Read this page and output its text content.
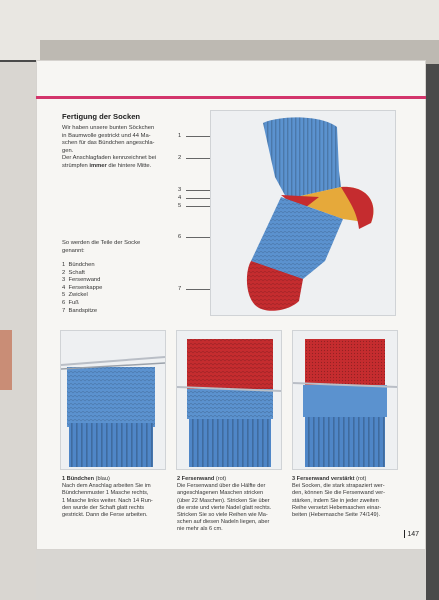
Fertigung der Socken
Wir haben unsere bunten Söckchen
in Baumwolle gestrickt und 44 Ma-
schen für das Bündchen angeschla-
gen.
Der Anschlagfaden kennzeichnet bei
strümpfen immer die hintere Mitte.
So werden die Teile der Socke
genannt:
1 Bündchen
2 Schaft
3 Fersenwand
4 Fersenkappe
5 Zwickel
6 Fuß
7 Bandspitze
1
2
3
4
5
6
7
1 Bündchen (blau)
Nach dem Anschlag arbeiten Sie im
Bündchenmuster 1 Masche rechts,
1 Masche links weiter. Nach 14 Run-
den wurde der Schaft glatt rechts
gestrickt. Dann die Ferse arbeiten.
2 Fersenwand (rot)
Die Fersenwand über die Hälfte der
angeschlagenen Maschen stricken
(über 22 Maschen). Stricken Sie über
die erste und vierte Nadel glatt rechts.
Stricken Sie so viele Reihen wie Ma-
schen auf diesen Nadeln liegen, aber
nie mehr als 6 cm.
3 Fersenwand verstärkt (rot)
Bei Socken, die stark strapaziert wer-
den, können Sie die Fersenwand ver-
stärken, indem Sie in jeder zweiten
Reihe versetzt Hebemaschen einar-
beiten (Hebemasche Seite 74/149).
147
